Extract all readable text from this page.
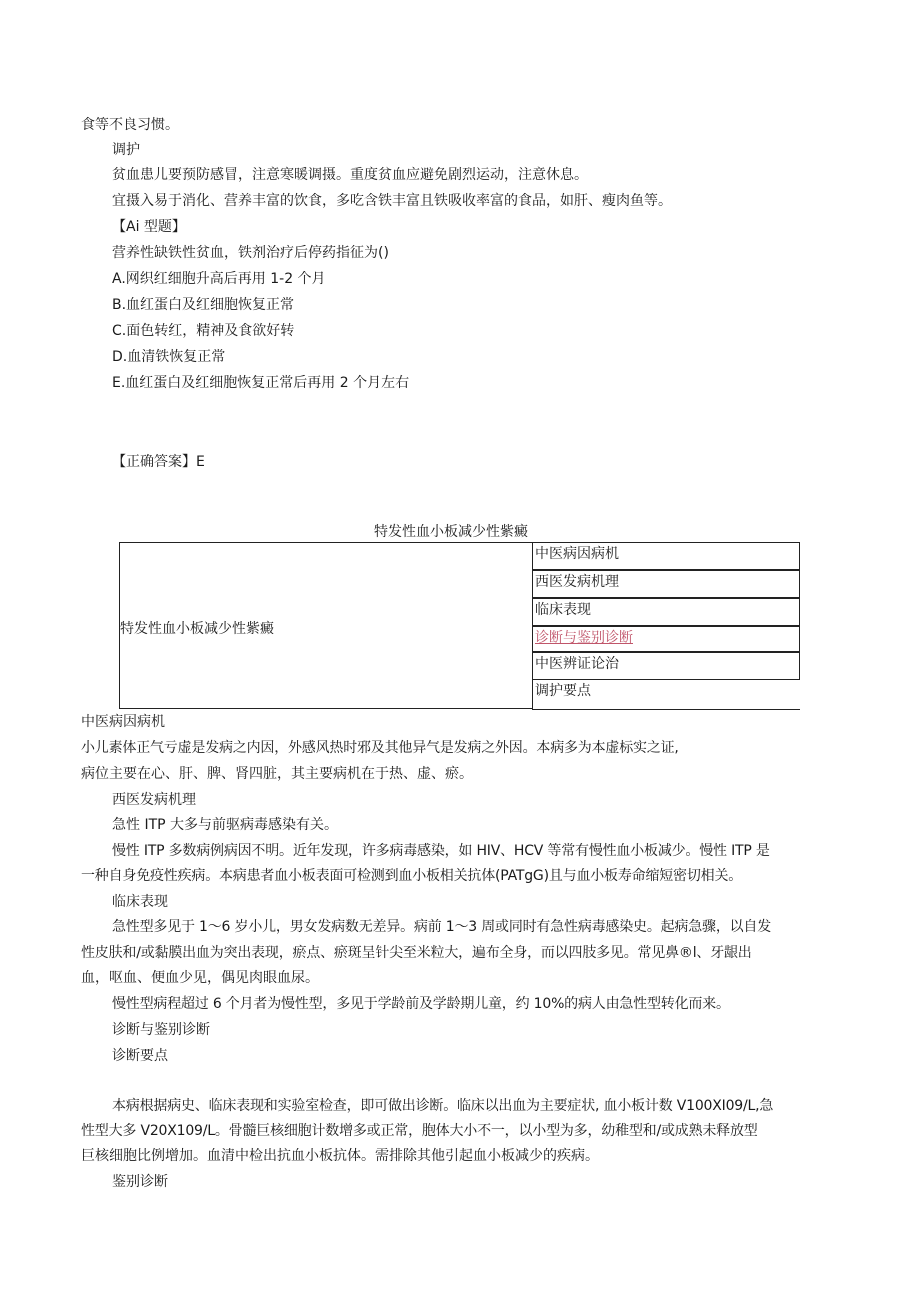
食等不良习惯。
调护
贫血患儿要预防感冒，注意寒暖调摄。重度贫血应避免剧烈运动，注意休息。
宜摄入易于消化、营养丰富的饮食，多吃含铁丰富且铁吸收率富的食品，如肝、瘦肉鱼等。
【Ai 型题】
营养性缺铁性贫血，铁剂治疗后停药指征为()
A.网织红细胞升高后再用 1-2 个月
B.血红蛋白及红细胞恢复正常
C.面色转红，精神及食欲好转
D.血清铁恢复正常
E.血红蛋白及红细胞恢复正常后再用 2 个月左右
【正确答案】E
特发性血小板减少性紫癜
特发性血小板减少性紫癜
中医病因病机
西医发病机理
临床表现
诊断与鉴别诊断
中医辨证论治
调护要点
中医病因病机
小儿素体正气亏虚是发病之内因，外感风热时邪及其他异气是发病之外因。本病多为本虚标实之证,
病位主要在心、肝、脾、肾四脏，其主要病机在于热、虚、瘀。
西医发病机理
急性 ITP 大多与前驱病毒感染有关。
慢性 ITP 多数病例病因不明。近年发现，许多病毒感染，如 HIV、HCV 等常有慢性血小板减少。慢性 ITP 是
一种自身免疫性疾病。本病患者血小板表面可检测到血小板相关抗体(PATgG)且与血小板寿命缩短密切相关。
临床表现
急性型多见于 1〜6 岁小儿，男女发病数无差异。病前 1〜3 周或同时有急性病毒感染史。起病急骤，以自发
性皮肤和/或黏膜出血为突出表现，瘀点、瘀斑呈针尖至米粒大，遍布全身，而以四肢多见。常见鼻®l、牙龈出
血，呕血、便血少见，偶见肉眼血尿。
慢性型病程超过 6 个月者为慢性型，多见于学龄前及学龄期儿童，约 10%的病人由急性型转化而来。
诊断与鉴别诊断
诊断要点
本病根据病史、临床表现和实验室检查，即可做出诊断。临床以出血为主要症状, 血小板计数 V100XI09/L,急
性型大多 V20X109/L。骨髓巨核细胞计数增多或正常，胞体大小不一，以小型为多，幼稚型和/或成熟未释放型
巨核细胞比例增加。血清中检出抗血小板抗体。需排除其他引起血小板减少的疾病。
鉴别诊断
